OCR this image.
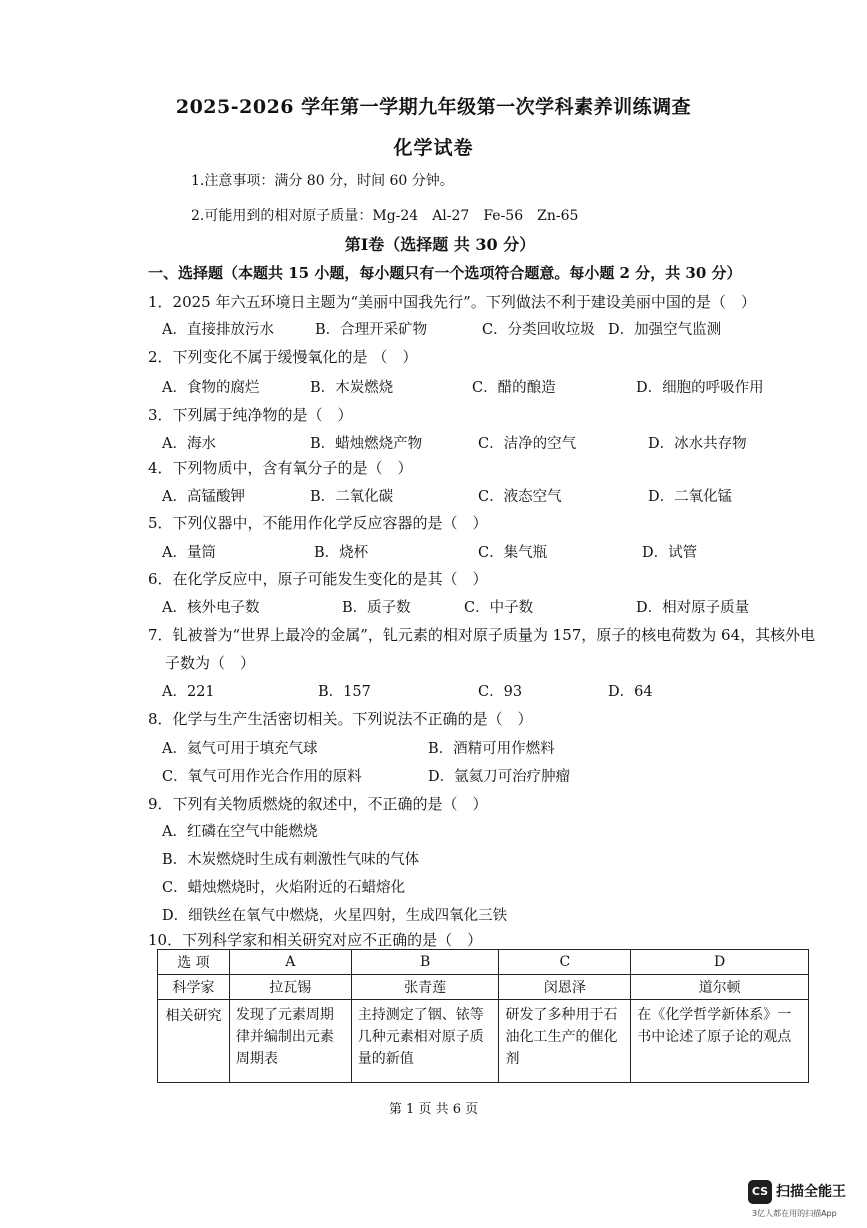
2025-2026 学年第一学期九年级第一次学科素养训练调查
化学试卷
1.注意事项：满分 80 分，时间 60 分钟。
2.可能用到的相对原子质量：Mg-24　Al-27　Fe-56　Zn-65
第Ⅰ卷（选择题 共 30 分）
一、选择题（本题共 15 小题，每小题只有一个选项符合题意。每小题 2 分，共 30 分）
1．2025 年六五环境日主题为“美丽中国我先行”。下列做法不利于建设美丽中国的是（　）
A．直接排放污水	B．合理开采矿物	C．分类回收垃圾 D．加强空气监测
2．下列变化不属于缓慢氧化的是 （　）
A．食物的腐烂	B．木炭燃烧	C．醋的酿造	D．细胞的呼吸作用
3．下列属于纯净物的是（　）
A．海水	B．蜡烛燃烧产物	C．洁净的空气	D．冰水共存物
4．下列物质中，含有氧分子的是（　）
A．高锰酸钾	B．二氧化碳	C．液态空气	D．二氧化锰
5．下列仪器中，不能用作化学反应容器的是（　）
A．量筒	B．烧杯	C．集气瓶	D．试管
6．在化学反应中，原子可能发生变化的是其（　）
A．核外电子数	B．质子数	C．中子数	D．相对原子质量
7．钆被誉为“世界上最冷的金属”，钆元素的相对原子质量为 157，原子的核电荷数为 64，其核外电
子数为（　）
A．221	B．157	C．93	D．64
8．化学与生产生活密切相关。下列说法不正确的是（　）
A．氦气可用于填充气球	B．酒精可用作燃料
C．氧气可用作光合作用的原料	D．氩氦刀可治疗肿瘤
9．下列有关物质燃烧的叙述中，不正确的是（　）
A．红磷在空气中能燃烧
B．木炭燃烧时生成有刺激性气味的气体
C．蜡烛燃烧时，火焰附近的石蜡熔化
D．细铁丝在氧气中燃烧，火星四射，生成四氧化三铁
10．下列科学家和相关研究对应不正确的是（　）
选 项	A	B	C	D
科学家	拉瓦锡	张青莲	闵恩泽	道尔顿
相关研究	发现了元素周期律并编制出元素周期表	主持测定了铟、铱等几种元素相对原子质量的新值	研发了多种用于石油化工生产的催化剂	在《化学哲学新体系》一书中论述了原子论的观点
第 1 页 共 6 页
CS 扫描全能王
3亿人都在用的扫描App
